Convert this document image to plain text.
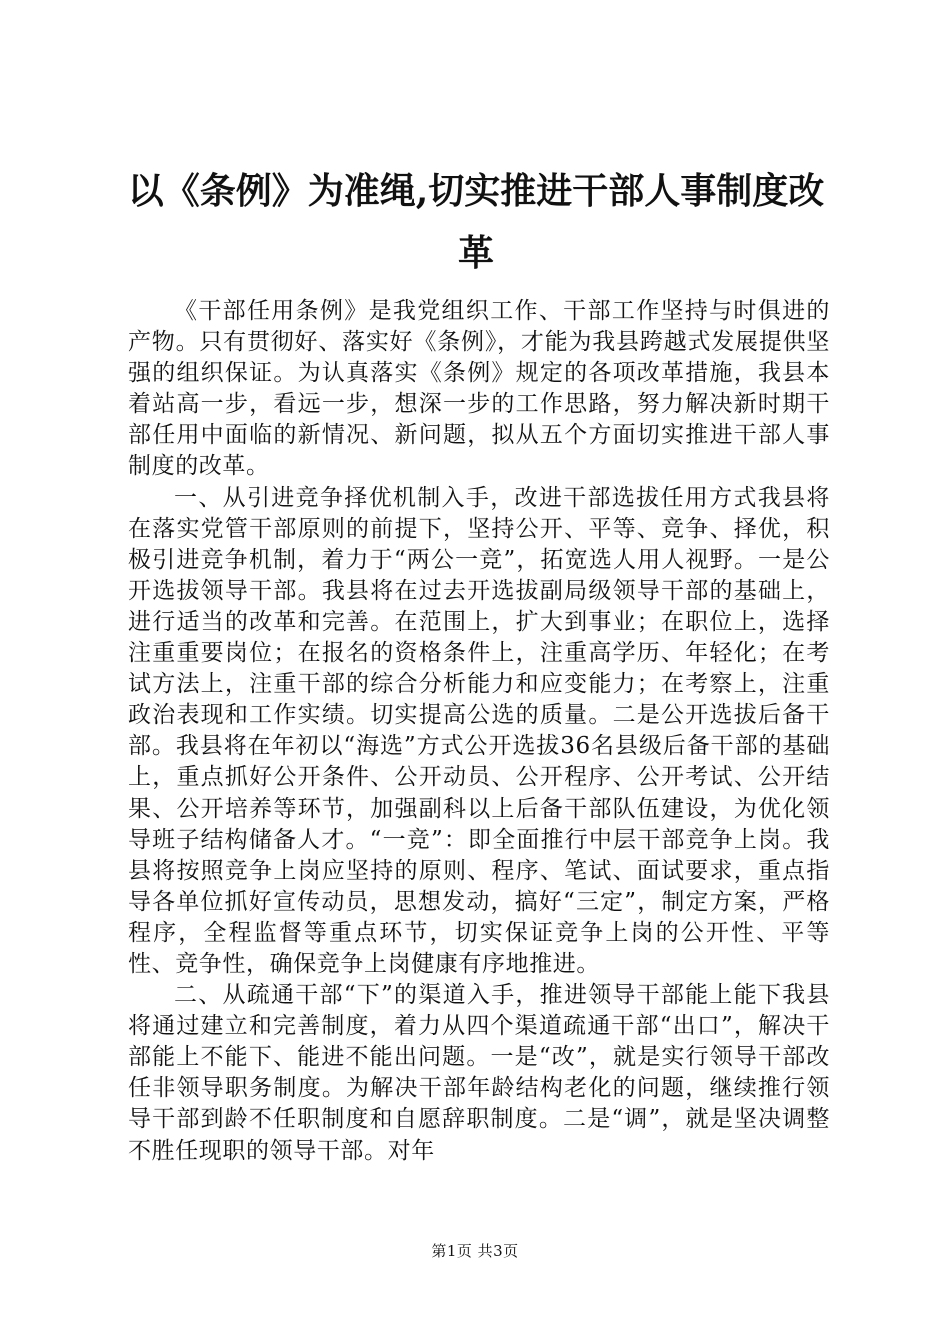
以《条例》为准绳,切实推进干部人事制度改
革

《干部任用条例》是我党组织工作、干部工作坚持与时俱进的产物。只有贯彻好、落实好《条例》，才能为我县跨越式发展提供坚强的组织保证。为认真落实《条例》规定的各项改革措施，我县本着站高一步，看远一步，想深一步的工作思路，努力解决新时期干部任用中面临的新情况、新问题，拟从五个方面切实推进干部人事制度的改革。

一、从引进竞争择优机制入手，改进干部选拔任用方式我县将在落实党管干部原则的前提下，坚持公开、平等、竞争、择优，积极引进竞争机制，着力于“两公一竞”，拓宽选人用人视野。一是公开选拔领导干部。我县将在过去开选拔副局级领导干部的基础上，进行适当的改革和完善。在范围上，扩大到事业；在职位上，选择注重重要岗位；在报名的资格条件上，注重高学历、年轻化；在考试方法上，注重干部的综合分析能力和应变能力；在考察上，注重政治表现和工作实绩。切实提高公选的质量。二是公开选拔后备干部。我县将在年初以“海选”方式公开选拔36名县级后备干部的基础上，重点抓好公开条件、公开动员、公开程序、公开考试、公开结果、公开培养等环节，加强副科以上后备干部队伍建设，为优化领导班子结构储备人才。“一竞”：即全面推行中层干部竞争上岗。我县将按照竞争上岗应坚持的原则、程序、笔试、面试要求，重点指导各单位抓好宣传动员，思想发动，搞好“三定”，制定方案，严格程序，全程监督等重点环节，切实保证竞争上岗的公开性、平等性、竞争性，确保竞争上岗健康有序地推进。

二、从疏通干部“下”的渠道入手，推进领导干部能上能下我县将通过建立和完善制度，着力从四个渠道疏通干部“出口”，解决干部能上不能下、能进不能出问题。一是“改”，就是实行领导干部改任非领导职务制度。为解决干部年龄结构老化的问题，继续推行领导干部到龄不任职制度和自愿辞职制度。二是“调”，就是坚决调整不胜任现职的领导干部。对年

第1页 共3页
